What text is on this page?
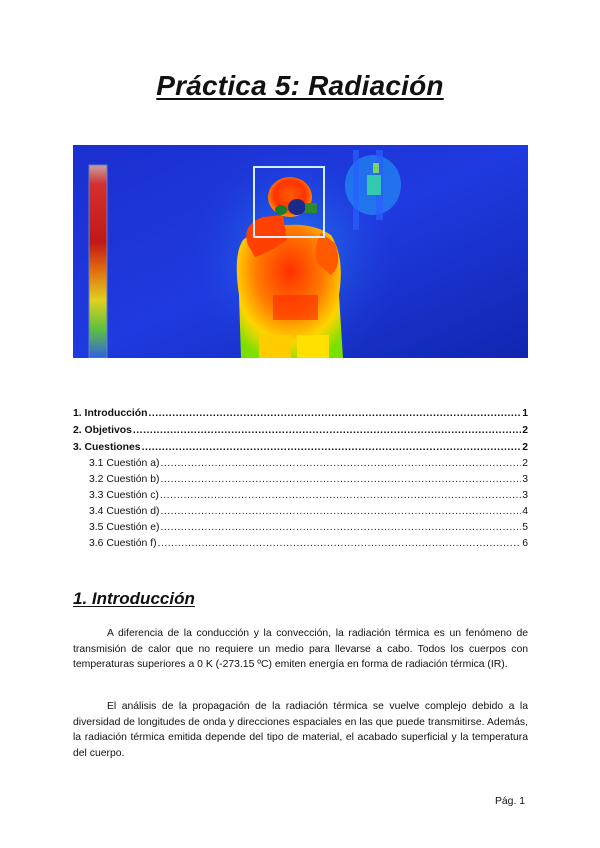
Práctica 5: Radiación
1. Introducción .....	1
2. Objetivos .....	2
3. Cuestiones .....	2
3.1 Cuestión a) .....	2
3.2 Cuestión b) .....	3
3.3 Cuestión c) .....	3
3.4 Cuestión d) .....	4
3.5 Cuestión e) .....	5
3.6 Cuestión f) .....	6
1. Introducción

A diferencia de la conducción y la convección, la radiación térmica es un fenómeno de transmisión de calor que no requiere un medio para llevarse a cabo. Todos los cuerpos con temperaturas superiores a 0 K (-273.15 ºC) emiten energía en forma de radiación térmica (IR).

El análisis de la propagación de la radiación térmica se vuelve complejo debido a la diversidad de longitudes de onda y direcciones espaciales en las que puede transmitirse. Además, la radiación térmica emitida depende del tipo de material, el acabado superficial y la temperatura del cuerpo.

Pág. 1
